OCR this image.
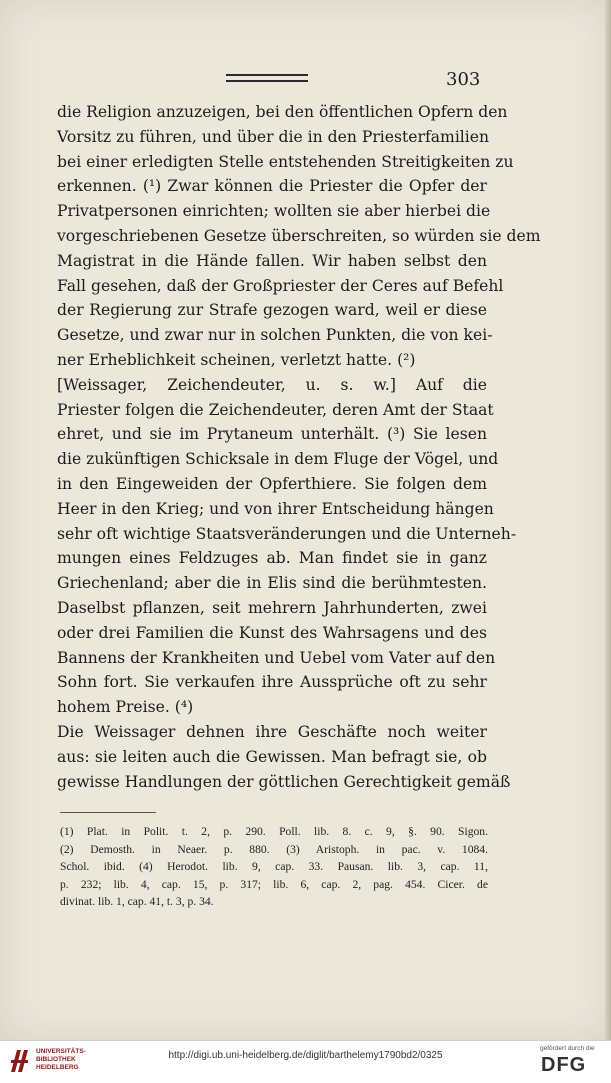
303
die Religion anzuzeigen, bei den öffentlichen Opfern den
Vorsitz zu führen, und über die in den Priesterfamilien
bei einer erledigten Stelle entstehenden Streitigkeiten zu
erkennen. (¹) Zwar können die Priester die Opfer der
Privatpersonen einrichten; wollten sie aber hierbei die
vorgeschriebenen Gesetze überschreiten, so würden sie dem
Magistrat in die Hände fallen. Wir haben selbst den
Fall gesehen, daß der Großpriester der Ceres auf Befehl
der Regierung zur Strafe gezogen ward, weil er diese
Gesetze, und zwar nur in solchen Punkten, die von kei-
ner Erheblichkeit scheinen, verletzt hatte. (²)
[Weissager, Zeichendeuter, u. s. w.] Auf die
Priester folgen die Zeichendeuter, deren Amt der Staat
ehret, und sie im Prytaneum unterhält. (³) Sie lesen
die zukünftigen Schicksale in dem Fluge der Vögel, und
in den Eingeweiden der Opferthiere. Sie folgen dem
Heer in den Krieg; und von ihrer Entscheidung hängen
sehr oft wichtige Staatsveränderungen und die Unterneh-
mungen eines Feldzuges ab. Man findet sie in ganz
Griechenland; aber die in Elis sind die berühmtesten.
Daselbst pflanzen, seit mehrern Jahrhunderten, zwei
oder drei Familien die Kunst des Wahrsagens und des
Bannens der Krankheiten und Uebel vom Vater auf den
Sohn fort. Sie verkaufen ihre Aussprüche oft zu sehr
hohem Preise. (⁴)
Die Weissager dehnen ihre Geschäfte noch weiter
aus: sie leiten auch die Gewissen. Man befragt sie, ob
gewisse Handlungen der göttlichen Gerechtigkeit gemäß
(1) Plat. in Polit. t. 2, p. 290. Poll. lib. 8. c. 9, §. 90. Sigon.
(2) Demosth. in Neaer. p. 880. (3) Aristoph. in pac. v. 1084.
Schol. ibid. (4) Herodot. lib. 9, cap. 33. Pausan. lib. 3, cap. 11,
p. 232; lib. 4, cap. 15, p. 317; lib. 6, cap. 2, pag. 454. Cicer. de
divinat. lib. 1, cap. 41, t. 3, p. 34.
UNIVERSITÄTS-
BIBLIOTHEK
HEIDELBERG
http://digi.ub.uni-heidelberg.de/diglit/barthelemy1790bd2/0325
gefördert durch die
DFG
